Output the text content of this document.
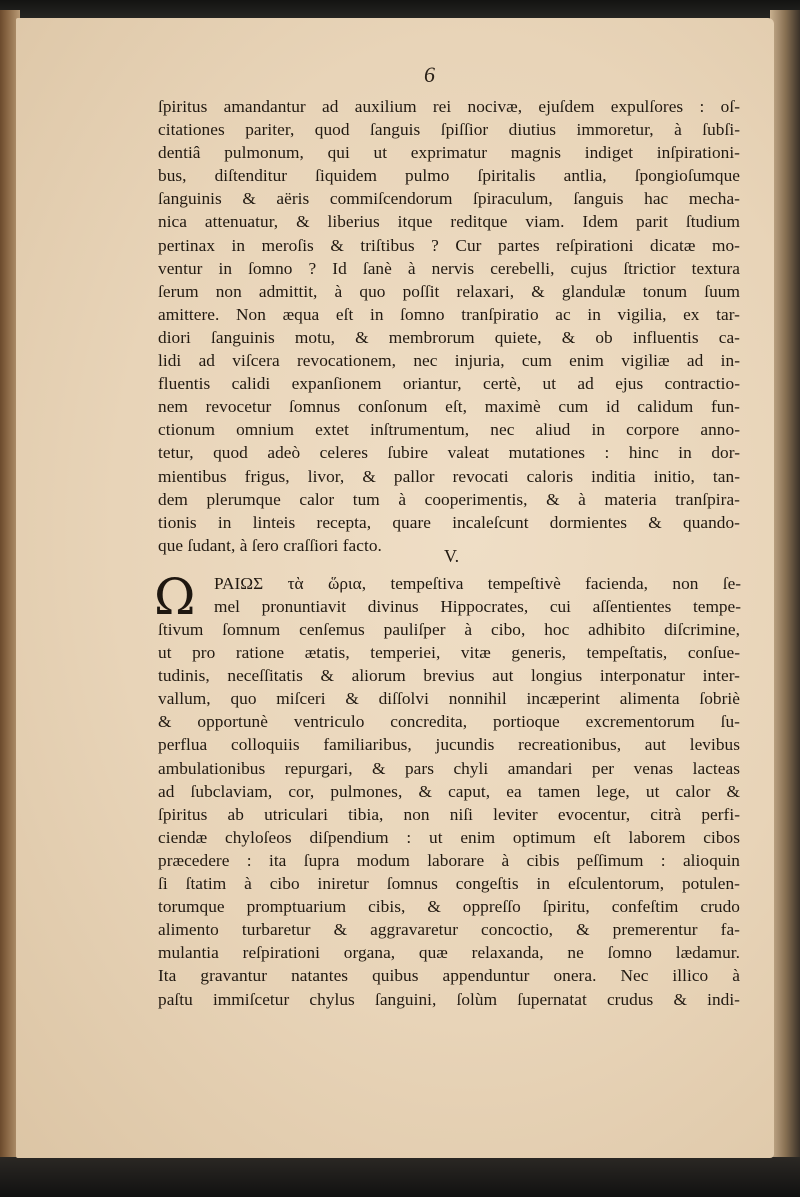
6
ſpiritus amandantur ad auxilium rei nocivæ, ejuſdem expulſores : oſ-
citationes pariter, quod ſanguis ſpiſſior diutius immoretur, à ſubſi-
dentiâ pulmonum, qui ut exprimatur magnis indiget inſpirationi-
bus, diſtenditur ſiquidem pulmo ſpiritalis antlia, ſpongioſumque
ſanguinis & aëris commiſcendorum ſpiraculum, ſanguis hac mecha-
nica attenuatur, & liberius itque reditque viam. Idem parit ſtudium
pertinax in meroſis & triſtibus ? Cur partes reſpirationi dicatæ mo-
ventur in ſomno ? Id ſanè à nervis cerebelli, cujus ſtrictior textura
ſerum non admittit, à quo poſſit relaxari, & glandulæ tonum ſuum
amittere. Non æqua eſt in ſomno tranſpiratio ac in vigilia, ex tar-
diori ſanguinis motu, & membrorum quiete, & ob influentis ca-
lidi ad viſcera revocationem, nec injuria, cum enim vigiliæ ad in-
fluentis calidi expanſionem oriantur, certè, ut ad ejus contractio-
nem revocetur ſomnus conſonum eſt, maximè cum id calidum fun-
ctionum omnium extet inſtrumentum, nec aliud in corpore anno-
tetur, quod adeò celeres ſubire valeat mutationes : hinc in dor-
mientibus frigus, livor, & pallor revocati caloris inditia initio, tan-
dem plerumque calor tum à cooperimentis, & à materia tranſpira-
tionis in linteis recepta, quare incaleſcunt dormientes & quando-
que ſudant, à ſero craſſiori facto.
V.
Ω ΡΑΙΩΣ τὰ ὥρια, tempeſtiva tempeſtivè facienda, non ſe-
mel pronuntiavit divinus Hippocrates, cui aſſentientes tempe-
ſtivum ſomnum cenſemus pauliſper à cibo, hoc adhibito diſcrimine,
ut pro ratione ætatis, temperiei, vitæ generis, tempeſtatis, conſue-
tudinis, neceſſitatis & aliorum brevius aut longius interponatur inter-
vallum, quo miſceri & diſſolvi nonnihil incæperint alimenta ſobriè
& opportunè ventriculo concredita, portioque excrementorum ſu-
perflua colloquiis familiaribus, jucundis recreationibus, aut levibus
ambulationibus repurgari, & pars chyli amandari per venas lacteas
ad ſubclaviam, cor, pulmones, & caput, ea tamen lege, ut calor &
ſpiritus ab utriculari tibia, non niſi leviter evocentur, citrà perfi-
ciendæ chyloſeos diſpendium : ut enim optimum eſt laborem cibos
præcedere : ita ſupra modum laborare à cibis peſſimum : alioquin
ſi ſtatim à cibo iniretur ſomnus congeſtis in eſculentorum, potulen-
torumque promptuarium cibis, & oppreſſo ſpiritu, confeſtim crudo
alimento turbaretur & aggravaretur concoctio, & premerentur fa-
mulantia reſpirationi organa, quæ relaxanda, ne ſomno lædamur.
Ita gravantur natantes quibus appenduntur onera. Nec illico à
paſtu immiſcetur chylus ſanguini, ſolùm ſupernatat crudus & indi-
